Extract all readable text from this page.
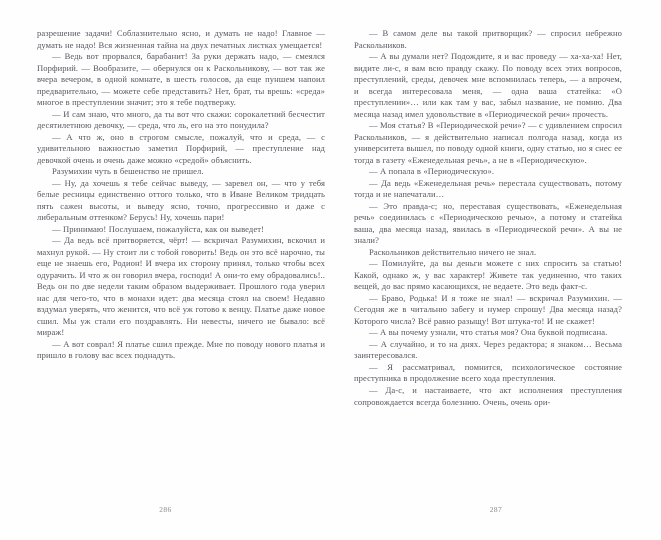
разрешение задачи! Соблазнительно ясно, и думать не надо! Главное — думать не надо! Вся жизненная тайна на двух печатных листках умещается!

— Ведь вот прорвался, барабанит! За руки держать надо, — смеялся Порфирий. — Вообразите, — обернулся он к Раскольникову, — вот так же вчера вечером, в одной комнате, в шесть голосов, да еще пуншем напоил предварительно, — можете себе представить? Нет, брат, ты врешь: «среда» многое в преступлении значит; это я тебе подтвержу.

— И сам знаю, что много, да ты вот что скажи: сорокалетний бесчестит десятилетнюю девочку, — среда, что ль, его на это понудила?

— А что ж, оно в строгом смысле, пожалуй, что и среда, — с удивительною важностью заметил Порфирий, — преступление над девочкой очень и очень даже можно «средой» объяснить.

Разумихин чуть в бешенство не пришел.

— Ну, да хочешь я тебе сейчас выведу, — заревел он, — что у тебя белые ресницы единственно оттого только, что в Иване Великом тридцать пять сажен высоты, и выведу ясно, точно, прогрессивно и даже с либеральным оттенком? Берусь! Ну, хочешь пари!

— Принимаю! Послушаем, пожалуйста, как он выведет!

— Да ведь всё притворяется, чёрт! — вскричал Разумихин, вскочил и махнул рукой. — Ну стоит ли с тобой говорить! Ведь он это всё нарочно, ты еще не знаешь его, Родион! И вчера их сторону принял, только чтобы всех одурачить. И что ж он говорил вчера, господи! А они-то ему обрадовались!.. Ведь он по две недели таким образом выдерживает. Прошлого года уверил нас для чего-то, что в монахи идет: два месяца стоял на своем! Недавно вздумал уверять, что женится, что всё уж готово к венцу. Платье даже новое сшил. Мы уж стали его поздравлять. Ни невесты, ничего не бывало: всё мираж!

— А вот соврал! Я платье сшил прежде. Мне по поводу нового платья и пришло в голову вас всех поднадуть.

286

— В самом деле вы такой притворщик? — спросил небрежно Раскольников.

— А вы думали нет? Подождите, я и вас проведу — ха-ха-ха! Нет, видите ли-с, я вам всю правду скажу. По поводу всех этих вопросов, преступлений, среды, девочек мне вспомнилась теперь, — а впрочем, и всегда интересовала меня, — одна ваша статейка: «О преступлении»… или как там у вас, забыл название, не помню. Два месяца назад имел удовольствие в «Периодической речи» прочесть.

— Моя статья? В «Периодической речи»? — с удивлением спросил Раскольников, — я действительно написал полгода назад, когда из университета вышел, по поводу одной книги, одну статью, но я снес ее тогда в газету «Еженедельная речь», а не в «Периодическую».

— А попала в «Периодическую».

— Да ведь «Еженедельная речь» перестала существовать, потому тогда и не напечатали…

— Это правда-с; но, переставая существовать, «Еженедельная речь» соединилась с «Периодическою речью», а потому и статейка ваша, два месяца назад, явилась в «Периодической речи». А вы не знали?

Раскольников действительно ничего не знал.

— Помилуйте, да вы деньги можете с них спросить за статью! Какой, однако ж, у вас характер! Живете так уединенно, что таких вещей, до вас прямо касающихся, не ведаете. Это ведь факт-с.

— Браво, Родька! И я тоже не знал! — вскричал Разумихин. — Сегодня же в читальню забегу и нумер спрошу! Два месяца назад? Которого числа? Всё равно разыщу! Вот штука-то! И не скажет!

— А вы почему узнали, что статья моя? Она буквой подписана.

— А случайно, и то на днях. Через редактора; я знаком… Весьма заинтересовался.

— Я рассматривал, помнится, психологическое состояние преступника в продолжение всего хода преступления.

— Да-с, и настаиваете, что акт исполнения преступления сопровождается всегда болезнию. Очень, очень ори-

287
